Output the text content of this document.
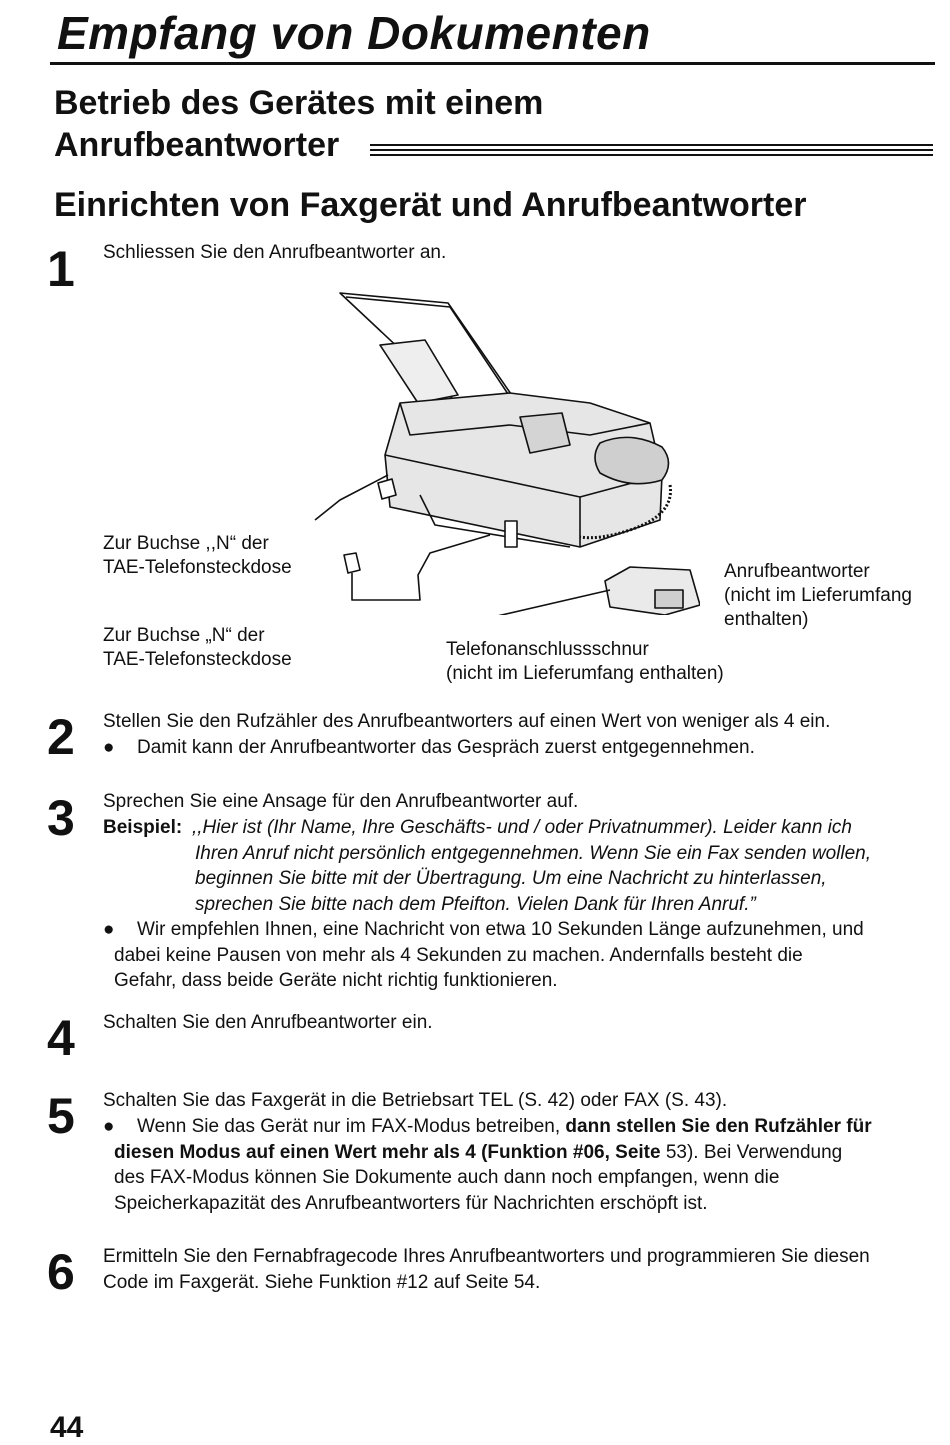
Empfang von Dokumenten
Betrieb des Gerätes mit einem
Anrufbeantworter
Einrichten von Faxgerät und Anrufbeantworter
1 Schliessen Sie den Anrufbeantworter an.
Zur Buchse ,,N“ der
TAE-Telefonsteckdose
Zur Buchse „N“ der
TAE-Telefonsteckdose
Anrufbeantworter
(nicht im Lieferumfang
enthalten)
Telefonanschlussschnur
(nicht im Lieferumfang enthalten)
2 Stellen Sie den Rufzähler des Anrufbeantworters auf einen Wert von weniger als 4 ein.
● Damit kann der Anrufbeantworter das Gespräch zuerst entgegennehmen.
3 Sprechen Sie eine Ansage für den Anrufbeantworter auf.
Beispiel: ,,Hier ist (Ihr Name, Ihre Geschäfts- und / oder Privatnummer). Leider kann ich
Ihren Anruf nicht persönlich entgegennehmen. Wenn Sie ein Fax senden wollen,
beginnen Sie bitte mit der Übertragung. Um eine Nachricht zu hinterlassen,
sprechen Sie bitte nach dem Pfeifton. Vielen Dank für Ihren Anruf.”
●	Wir empfehlen Ihnen, eine Nachricht von etwa 10 Sekunden Länge aufzunehmen, und
dabei keine Pausen von mehr als 4 Sekunden zu machen. Andernfalls besteht die
Gefahr, dass beide Geräte nicht richtig funktionieren.
4 Schalten Sie den Anrufbeantworter ein.
5 Schalten Sie das Faxgerät in die Betriebsart TEL (S. 42) oder FAX (S. 43).
●	Wenn Sie das Gerät nur im FAX-Modus betreiben, dann stellen Sie den Rufzähler für
diesen Modus auf einen Wert mehr als 4 (Funktion #06, Seite 53). Bei Verwendung
des FAX-Modus können Sie Dokumente auch dann noch empfangen, wenn die
Speicherkapazität des Anrufbeantworters für Nachrichten erschöpft ist.
6 Ermitteln Sie den Fernabfragecode Ihres Anrufbeantworters und programmieren Sie diesen
Code im Faxgerät. Siehe Funktion #12 auf Seite 54.
44
